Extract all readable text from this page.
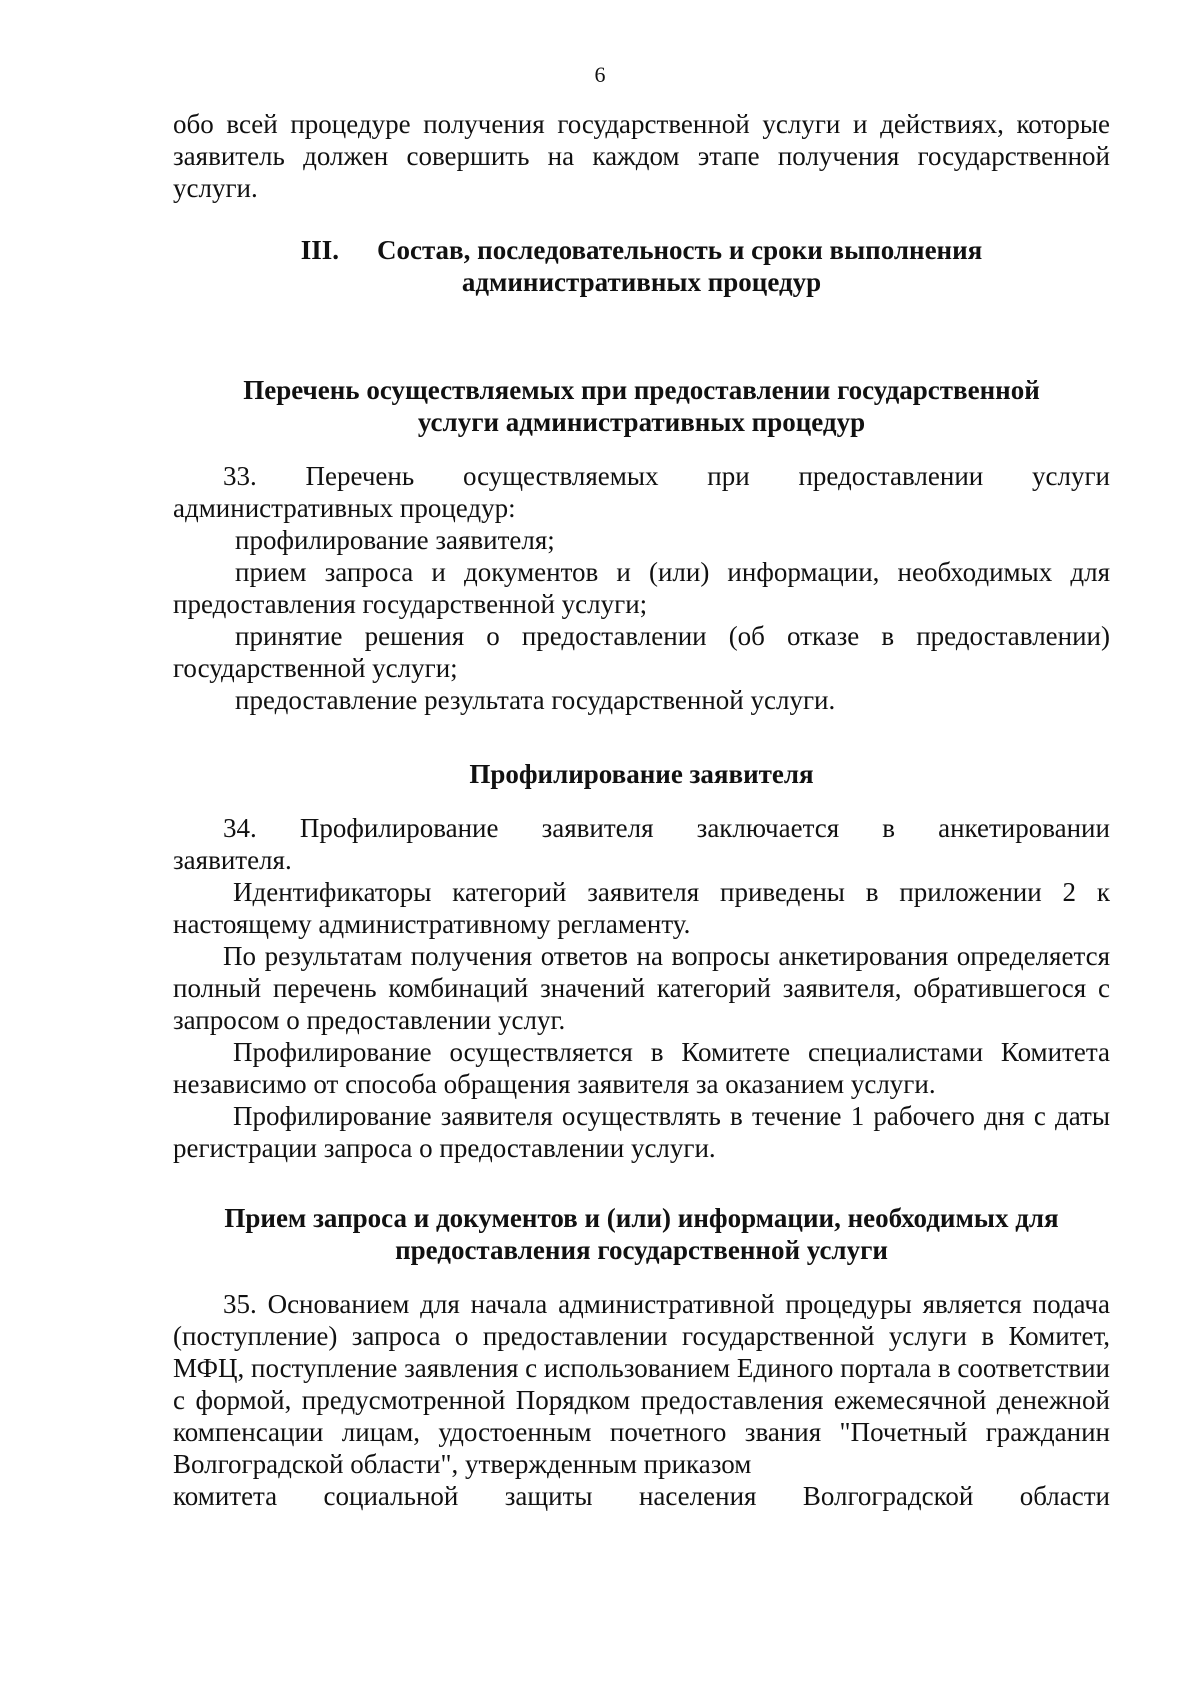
6

обо всей процедуре получения государственной услуги и действиях, которые заявитель должен совершить на каждом этапе получения государственной услуги.

III. Состав, последовательность и сроки выполнения
административных процедур
Перечень осуществляемых при предоставлении государственной
услуги административных процедур
33. Перечень осуществляемых при предоставлении услуги

административных процедур:

профилирование заявителя;

прием запроса и документов и (или) информации, необходимых для предоставления государственной услуги;

принятие решения о предоставлении (об отказе в предоставлении) государственной услуги;

предоставление результата государственной услуги.

Профилирование заявителя
34. Профилирование заявителя заключается в анкетировании

заявителя.

Идентификаторы категорий заявителя приведены в приложении 2 к настоящему административному регламенту.

По результатам получения ответов на вопросы анкетирования определяется полный перечень комбинаций значений категорий заявителя, обратившегося с запросом о предоставлении услуг.

Профилирование осуществляется в Комитете специалистами Комитета независимо от способа обращения заявителя за оказанием услуги.

Профилирование заявителя осуществлять в течение 1 рабочего дня с даты регистрации запроса о предоставлении услуги.

Прием запроса и документов и (или) информации, необходимых для
предоставления государственной услуги

35. Основанием для начала административной процедуры является подача (поступление) запроса о предоставлении государственной услуги в Комитет, МФЦ, поступление заявления с использованием Единого портала в соответствии с формой, предусмотренной Порядком предоставления ежемесячной денежной компенсации лицам, удостоенным почетного звания "Почетный гражданин Волгоградской области", утвержденным приказом

комитета социальной защиты населения Волгоградской области
